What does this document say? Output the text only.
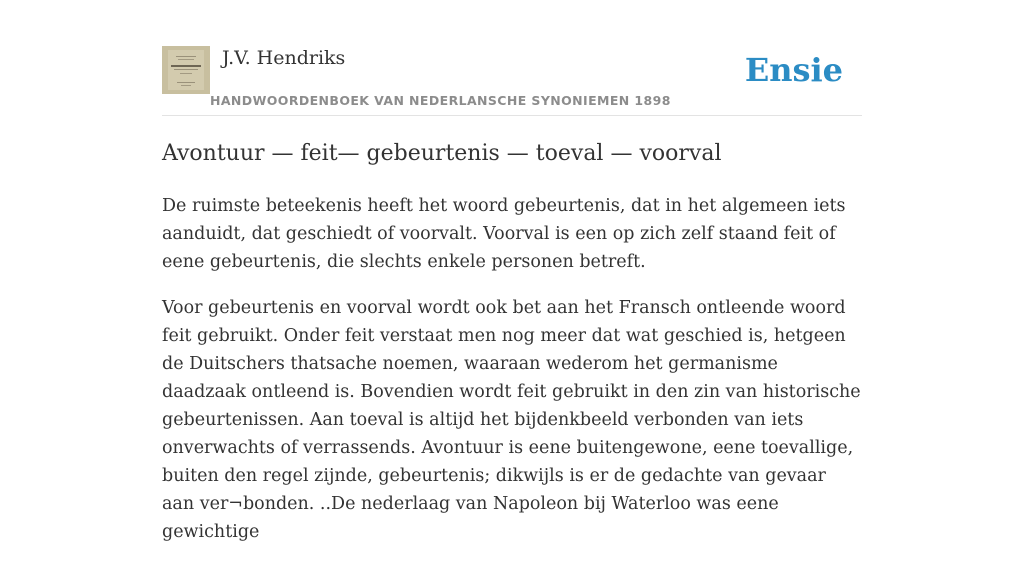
J.V. Hendriks
HANDWOORDENBOEK VAN NEDERLANSCHE SYNONIEMEN 1898
Ensie
Avontuur — feit— gebeurtenis — toeval — voorval

De ruimste beteekenis heeft het woord gebeurtenis, dat in het algemeen iets aanduidt, dat geschiedt of voorvalt. Voorval is een op zich zelf staand feit of eene gebeurtenis, die slechts enkele personen betreft.

Voor gebeurtenis en voorval wordt ook bet aan het Fransch ontleende woord feit gebruikt. Onder feit verstaat men nog meer dat wat geschied is, hetgeen de Duitschers thatsache noemen, waaraan wederom het germanisme daadzaak ontleend is. Bovendien wordt feit gebruikt in den zin van historische gebeurtenissen. Aan toeval is altijd het bijdenkbeeld verbonden van iets onverwachts of verrassends. Avontuur is eene buitengewone, eene toevallige, buiten den regel zijnde, gebeurtenis; dikwijls is er de gedachte van gevaar aan ver¬bonden. ..De nederlaag van Napoleon bij Waterloo was eene gewichtige
